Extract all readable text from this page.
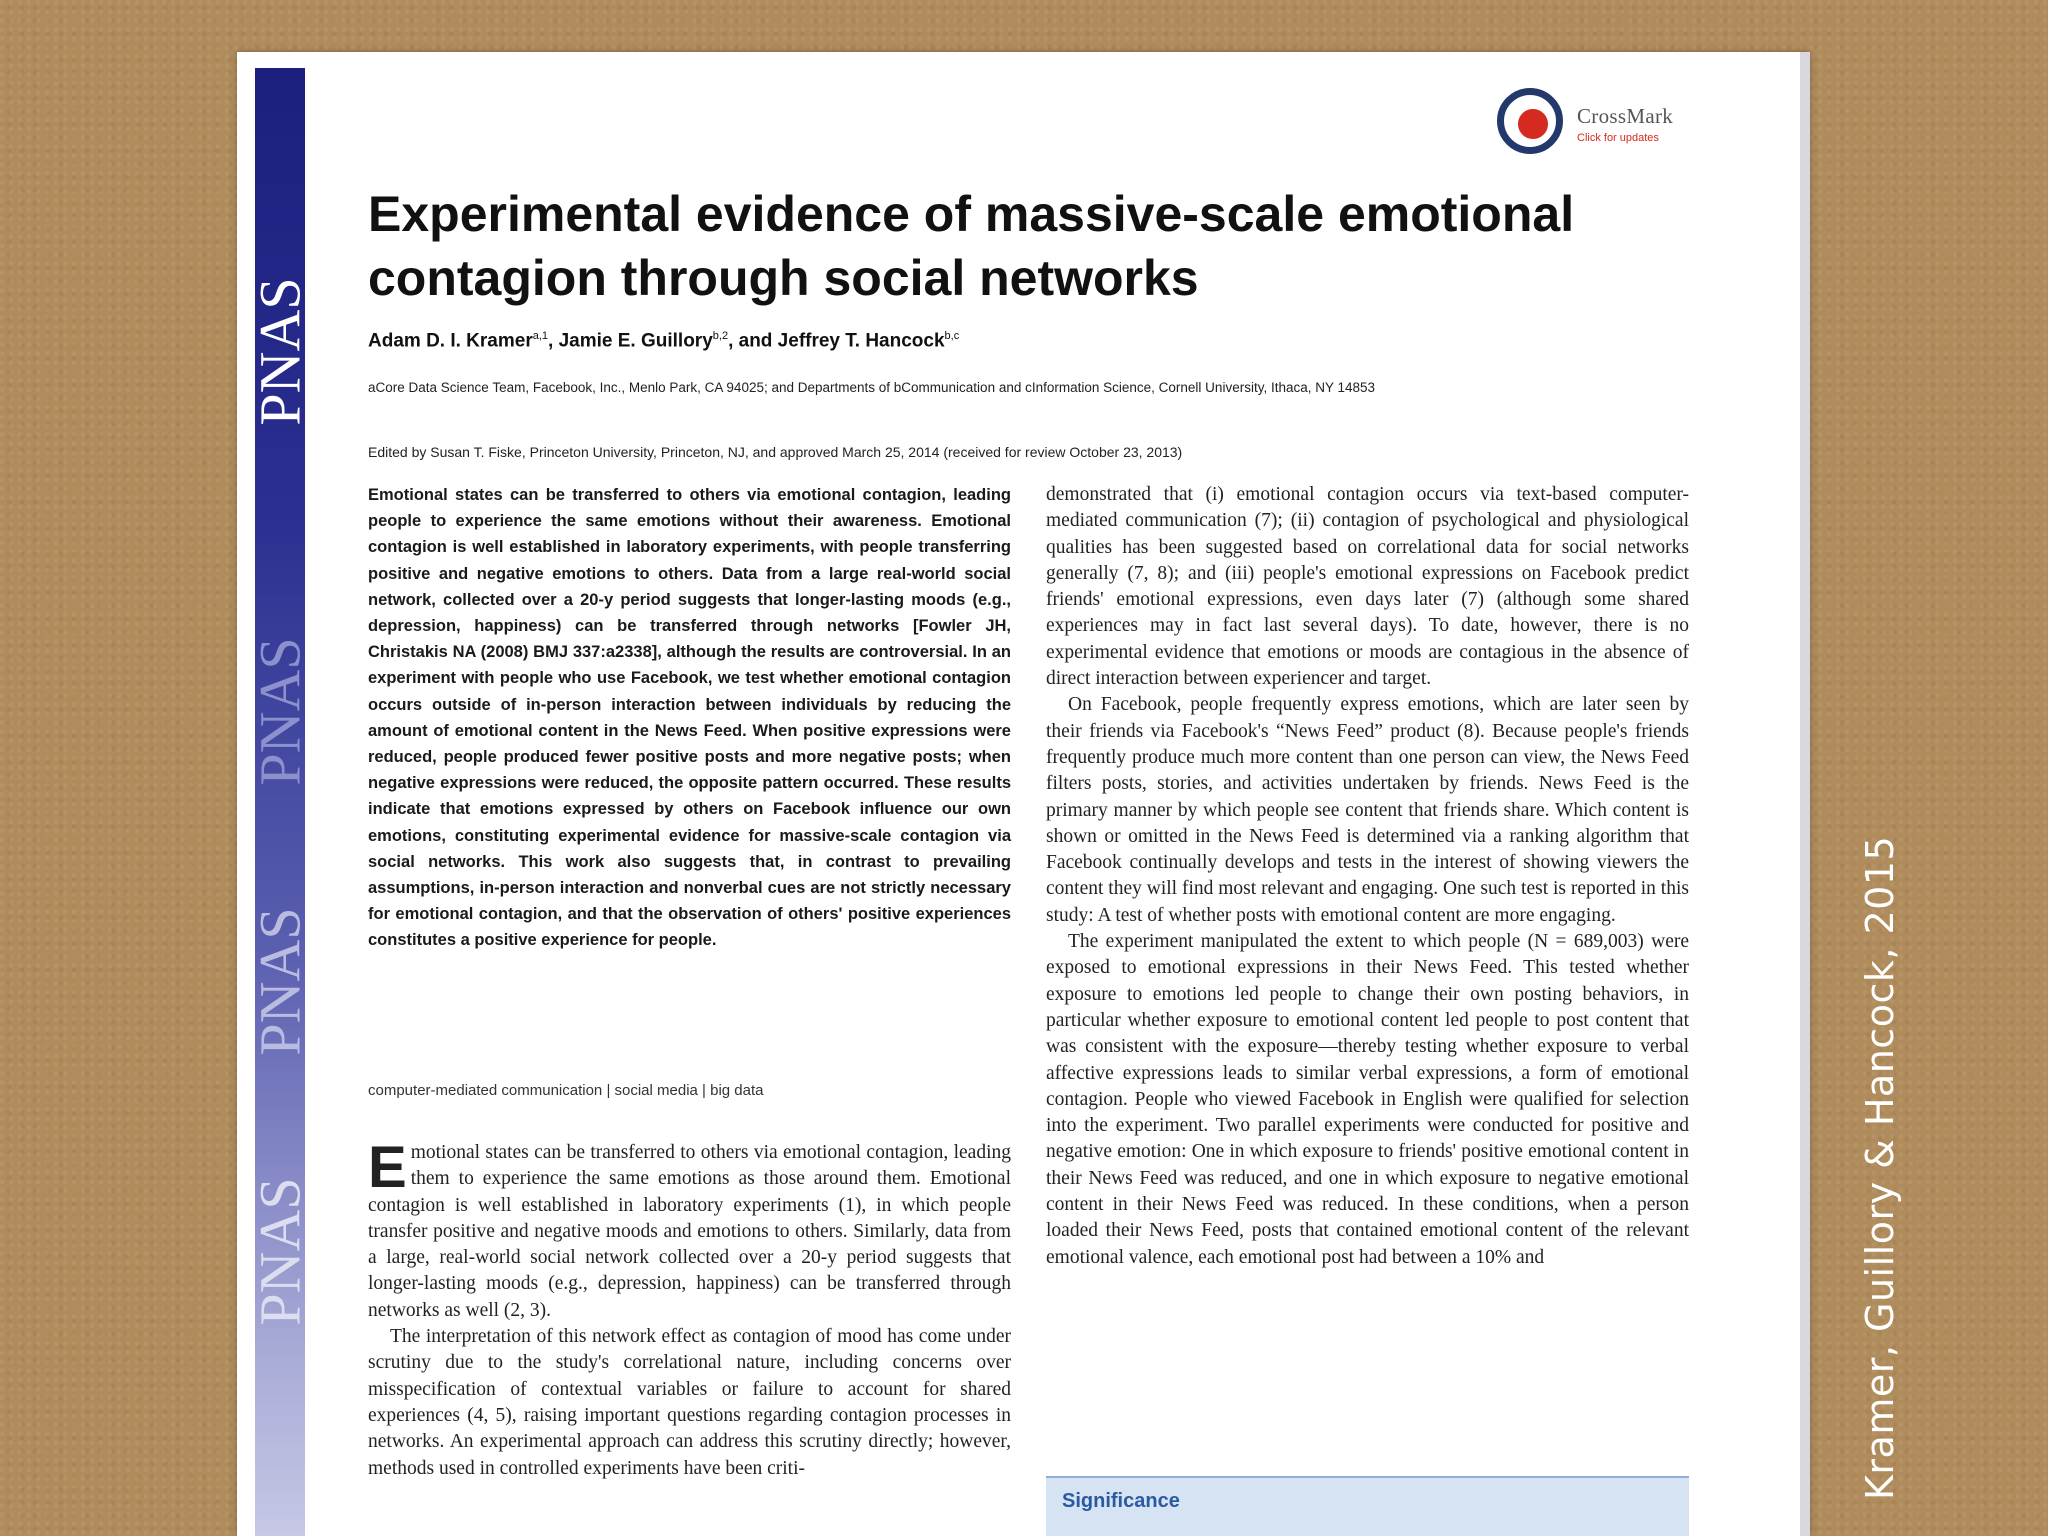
PNAS
PNAS
PNAS
PNAS
CrossMark
Click for updates
Experimental evidence of massive-scale emotional contagion through social networks
Adam D. I. Kramer$^{a,1}$, Jamie E. Guillory$^{b,2}$, and Jeffrey T. Hancock$^{b,c}$
aCore Data Science Team, Facebook, Inc., Menlo Park, CA 94025; and Departments of bCommunication and cInformation Science, Cornell University, Ithaca, NY 14853
Edited by Susan T. Fiske, Princeton University, Princeton, NJ, and approved March 25, 2014 (received for review October 23, 2013)
Emotional states can be transferred to others via emotional contagion, leading people to experience the same emotions without their awareness. Emotional contagion is well established in laboratory experiments, with people transferring positive and negative emotions to others. Data from a large real-world social network, collected over a 20-y period suggests that longer-lasting moods (e.g., depression, happiness) can be transferred through networks [Fowler JH, Christakis NA (2008) BMJ 337:a2338], although the results are controversial. In an experiment with people who use Facebook, we test whether emotional contagion occurs outside of in-person interaction between individuals by reducing the amount of emotional content in the News Feed. When positive expressions were reduced, people produced fewer positive posts and more negative posts; when negative expressions were reduced, the opposite pattern occurred. These results indicate that emotions expressed by others on Facebook influence our own emotions, constituting experimental evidence for massive-scale contagion via social networks. This work also suggests that, in contrast to prevailing assumptions, in-person interaction and nonverbal cues are not strictly necessary for emotional contagion, and that the observation of others' positive experiences constitutes a positive experience for people.
computer-mediated communication | social media | big data

Emotional states can be transferred to others via emotional contagion, leading them to experience the same emotions as those around them. Emotional contagion is well established in laboratory experiments (1), in which people transfer positive and negative moods and emotions to others. Similarly, data from a large, real-world social network collected over a 20-y period suggests that longer-lasting moods (e.g., depression, happiness) can be transferred through networks as well (2, 3).

The interpretation of this network effect as contagion of mood has come under scrutiny due to the study's correlational nature, including concerns over misspecification of contextual variables or failure to account for shared experiences (4, 5), raising important questions regarding contagion processes in networks. An experimental approach can address this scrutiny directly; however, methods used in controlled experiments have been criti-

demonstrated that (i) emotional contagion occurs via text-based computer-mediated communication (7); (ii) contagion of psychological and physiological qualities has been suggested based on correlational data for social networks generally (7, 8); and (iii) people's emotional expressions on Facebook predict friends' emotional expressions, even days later (7) (although some shared experiences may in fact last several days). To date, however, there is no experimental evidence that emotions or moods are contagious in the absence of direct interaction between experiencer and target.

On Facebook, people frequently express emotions, which are later seen by their friends via Facebook's “News Feed” product (8). Because people's friends frequently produce much more content than one person can view, the News Feed filters posts, stories, and activities undertaken by friends. News Feed is the primary manner by which people see content that friends share. Which content is shown or omitted in the News Feed is determined via a ranking algorithm that Facebook continually develops and tests in the interest of showing viewers the content they will find most relevant and engaging. One such test is reported in this study: A test of whether posts with emotional content are more engaging.

The experiment manipulated the extent to which people (N = 689,003) were exposed to emotional expressions in their News Feed. This tested whether exposure to emotions led people to change their own posting behaviors, in particular whether exposure to emotional content led people to post content that was consistent with the exposure—thereby testing whether exposure to verbal affective expressions leads to similar verbal expressions, a form of emotional contagion. People who viewed Facebook in English were qualified for selection into the experiment. Two parallel experiments were conducted for positive and negative emotion: One in which exposure to friends' positive emotional content in their News Feed was reduced, and one in which exposure to negative emotional content in their News Feed was reduced. In these conditions, when a person loaded their News Feed, posts that contained emotional content of the relevant emotional valence, each emotional post had between a 10% and

Significance
Kramer, Guillory & Hancock, 2015
